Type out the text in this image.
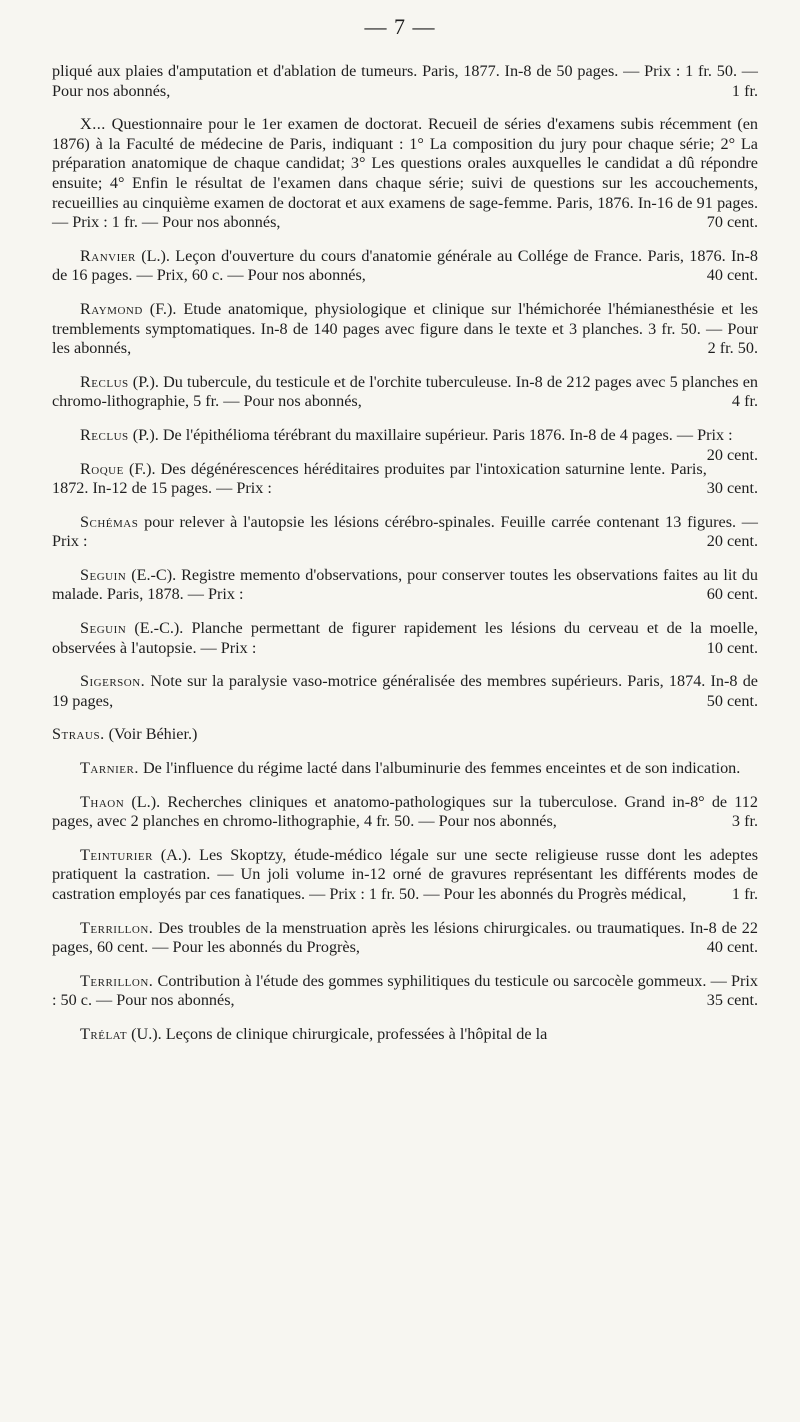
— 7 —

pliqué aux plaies d'amputation et d'ablation de tumeurs. Paris, 1877. In-8 de 50 pages. — Prix : 1 fr. 50. — Pour nos abonnés,	1 fr.

X... Questionnaire pour le 1er examen de doctorat. Recueil de séries d'examens subis récemment (en 1876) à la Faculté de médecine de Paris, indiquant : 1° La composition du jury pour chaque série; 2° La préparation anatomique de chaque candidat; 3° Les questions orales auxquelles le candidat a dû répondre ensuite; 4° Enfin le résultat de l'examen dans chaque série; suivi de questions sur les accouchements, recueillies au cinquième examen de doctorat et aux examens de sage-femme. Paris, 1876. In-16 de 91 pages. — Prix : 1 fr. — Pour nos abonnés,	70 cent.

Ranvier (L.). Leçon d'ouverture du cours d'anatomie générale au Collége de France. Paris, 1876. In-8 de 16 pages. — Prix, 60 c. — Pour nos abonnés,	40 cent.

Raymond (F.). Etude anatomique, physiologique et clinique sur l'hémichorée l'hémianesthésie et les tremblements symptomatiques. In-8 de 140 pages avec figure dans le texte et 3 planches. 3 fr. 50. — Pour les abonnés,	2 fr. 50.

Reclus (P.). Du tubercule, du testicule et de l'orchite tuberculeuse. In-8 de 212 pages avec 5 planches en chromo-lithographie, 5 fr. — Pour nos abonnés,	4 fr.

Reclus (P.). De l'épithélioma térébrant du maxillaire supérieur. Paris 1876. In-8 de 4 pages. — Prix :
20 cent.

Roque (F.). Des dégénérescences héréditaires produites par l'intoxication saturnine lente. Paris, 1872. In-12 de 15 pages. — Prix :	30 cent.

Schémas pour relever à l'autopsie les lésions cérébro-spinales. Feuille carrée contenant 13 figures. — Prix :	20 cent.

Seguin (E.-C). Registre memento d'observations, pour conserver toutes les observations faites au lit du malade. Paris, 1878. — Prix :	60 cent.

Seguin (E.-C.). Planche permettant de figurer rapidement les lésions du cerveau et de la moelle, observées à l'autopsie. — Prix :	10 cent.

Sigerson. Note sur la paralysie vaso-motrice généralisée des membres supérieurs. Paris, 1874. In-8 de 19 pages,	50 cent.

Straus. (Voir Béhier.)

Tarnier. De l'influence du régime lacté dans l'albuminurie des femmes enceintes et de son indication.

Thaon (L.). Recherches cliniques et anatomo-pathologiques sur la tuberculose. Grand in-8° de 112 pages, avec 2 planches en chromo-lithographie, 4 fr. 50. — Pour nos abonnés,	3 fr.

Teinturier (A.). Les Skoptzy, étude-médico légale sur une secte religieuse russe dont les adeptes pratiquent la castration. — Un joli volume in-12 orné de gravures représentant les différents modes de castration employés par ces fanatiques. — Prix : 1 fr. 50. — Pour les abonnés du Progrès médical,	1 fr.

Terrillon. Des troubles de la menstruation après les lésions chirurgicales. ou traumatiques. In-8 de 22 pages, 60 cent. — Pour les abonnés du Progrès,	40 cent.

Terrillon. Contribution à l'étude des gommes syphilitiques du testicule ou sarcocèle gommeux. — Prix : 50 c. — Pour nos abonnés,	35 cent.

Trélat (U.). Leçons de clinique chirurgicale, professées à l'hôpital de la
